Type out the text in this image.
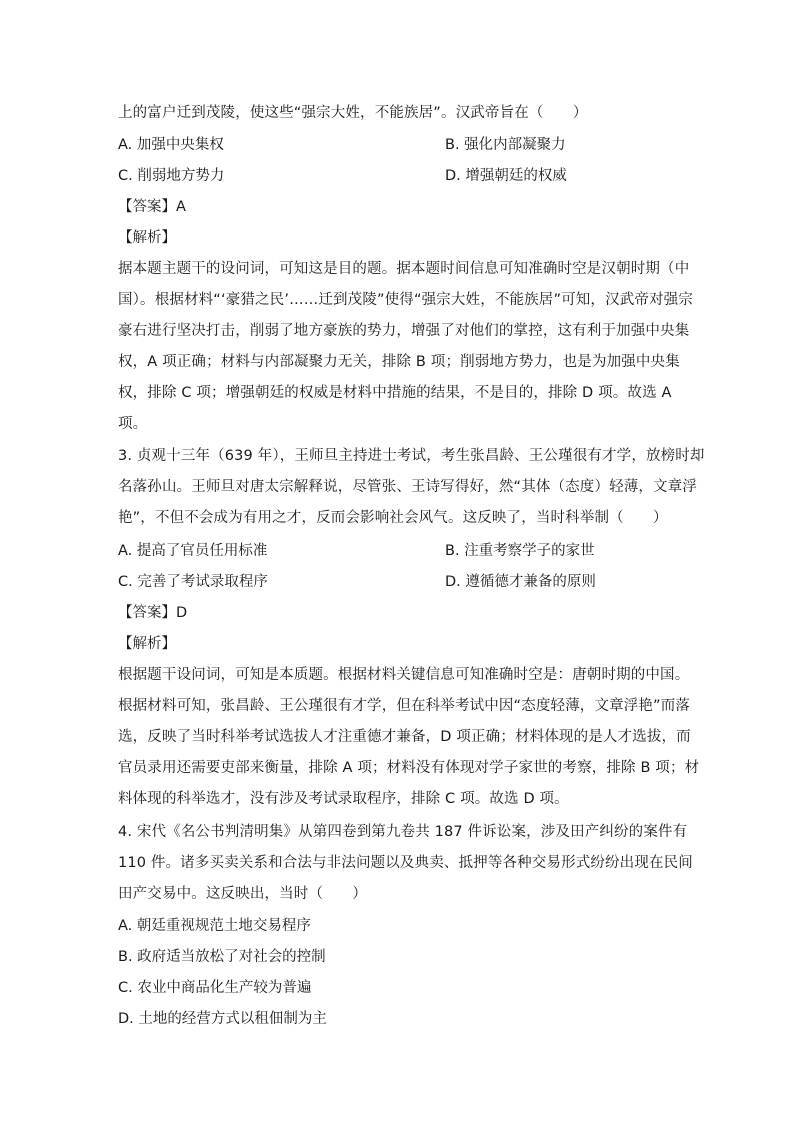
上的富户迁到茂陵，使这些“强宗大姓，不能族居”。汉武帝旨在（　　）
A. 加强中央集权	B. 强化内部凝聚力
C. 削弱地方势力	D. 增强朝廷的权威
【答案】A
【解析】
据本题主题干的设问词，可知这是目的题。据本题时间信息可知准确时空是汉朝时期（中
国）。根据材料“‘豪猎之民’……迁到茂陵”使得“强宗大姓，不能族居”可知，汉武帝对强宗
豪右进行坚决打击，削弱了地方豪族的势力，增强了对他们的掌控，这有利于加强中央集
权，A 项正确；材料与内部凝聚力无关，排除 B 项；削弱地方势力，也是为加强中央集
权，排除 C 项；增强朝廷的权威是材料中措施的结果，不是目的，排除 D 项。故选 A
项。
3. 贞观十三年（639 年），王师旦主持进士考试，考生张昌龄、王公瑾很有才学，放榜时却
名落孙山。王师旦对唐太宗解释说，尽管张、王诗写得好，然“其体（态度）轻薄，文章浮
艳”，不但不会成为有用之才，反而会影响社会风气。这反映了，当时科举制（　　）
A. 提高了官员任用标准	B. 注重考察学子的家世
C. 完善了考试录取程序	D. 遵循德才兼备的原则
【答案】D
【解析】
根据题干设问词，可知是本质题。根据材料关键信息可知准确时空是：唐朝时期的中国。
根据材料可知，张昌龄、王公瑾很有才学，但在科举考试中因“态度轻薄，文章浮艳”而落
选，反映了当时科举考试选拔人才注重德才兼备，D 项正确；材料体现的是人才选拔，而
官员录用还需要吏部来衡量，排除 A 项；材料没有体现对学子家世的考察，排除 B 项；材
料体现的科举选才，没有涉及考试录取程序，排除 C 项。故选 D 项。
4. 宋代《名公书判清明集》从第四卷到第九卷共 187 件诉讼案，涉及田产纠纷的案件有
110 件。诸多买卖关系和合法与非法问题以及典卖、抵押等各种交易形式纷纷出现在民间
田产交易中。这反映出，当时（　　）
A. 朝廷重视规范土地交易程序
B. 政府适当放松了对社会的控制
C. 农业中商品化生产较为普遍
D. 土地的经营方式以租佃制为主
